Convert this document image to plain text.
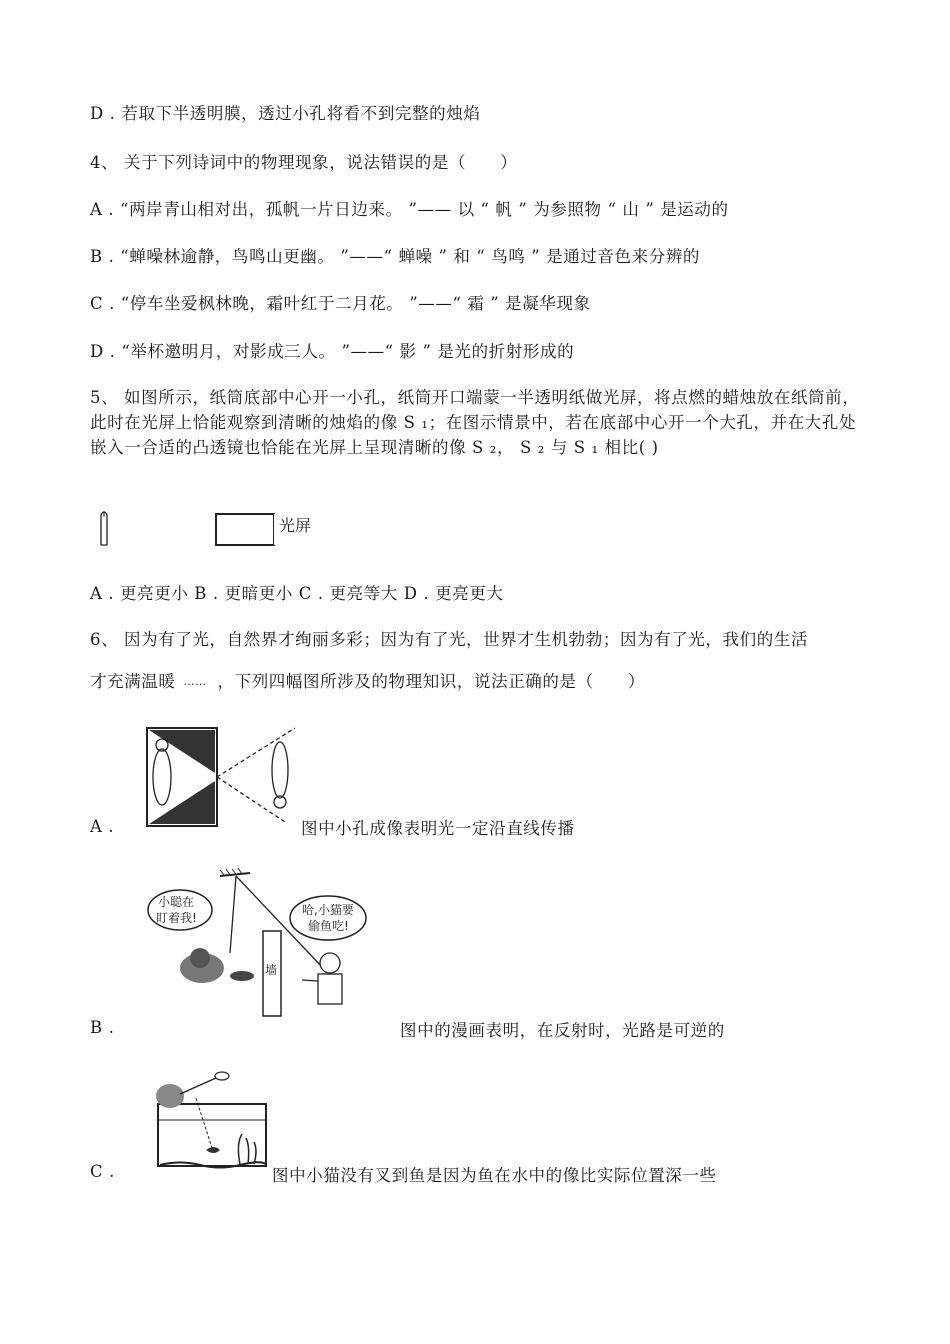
D . 若取下半透明膜，透过小孔将看不到完整的烛焰
4、 关于下列诗词中的物理现象，说法错误的是（　　）
A . “两岸青山相对出，孤帆一片日边来。 ”—— 以 “ 帆 ” 为参照物 “ 山 ” 是运动的
B . “蝉噪林逾静，鸟鸣山更幽。 ”——“ 蝉噪 ” 和 “ 鸟鸣 ” 是通过音色来分辨的
C . “停车坐爱枫林晚，霜叶红于二月花。 ”——“ 霜 ” 是凝华现象
D . “举杯邀明月，对影成三人。 ”——“ 影 ” 是光的折射形成的
5、 如图所示，纸筒底部中心开一小孔，纸筒开口端蒙一半透明纸做光屏，将点燃的蜡烛放在纸筒前，此时在光屏上恰能观察到清晰的烛焰的像 S ₁；在图示情景中，若在底部中心开一个大孔，并在大孔处嵌入一合适的凸透镜也恰能在光屏上呈现清晰的像 S ₂， S ₂ 与 S ₁ 相比( )
光屏
A . 更亮更小 B . 更暗更小 C . 更亮等大 D . 更亮更大
6、 因为有了光，自然界才绚丽多彩；因为有了光，世界才生机勃勃；因为有了光，我们的生活
才充满温暖 …… ，下列四幅图所涉及的物理知识，说法正确的是（　　）
A .	图中小孔成像表明光一定沿直线传播
墙
小聪在
盯着我!
哈,小猫要
偷鱼吃!
B .	图中的漫画表明，在反射时，光路是可逆的
C .	图中小猫没有叉到鱼是因为鱼在水中的像比实际位置深一些
